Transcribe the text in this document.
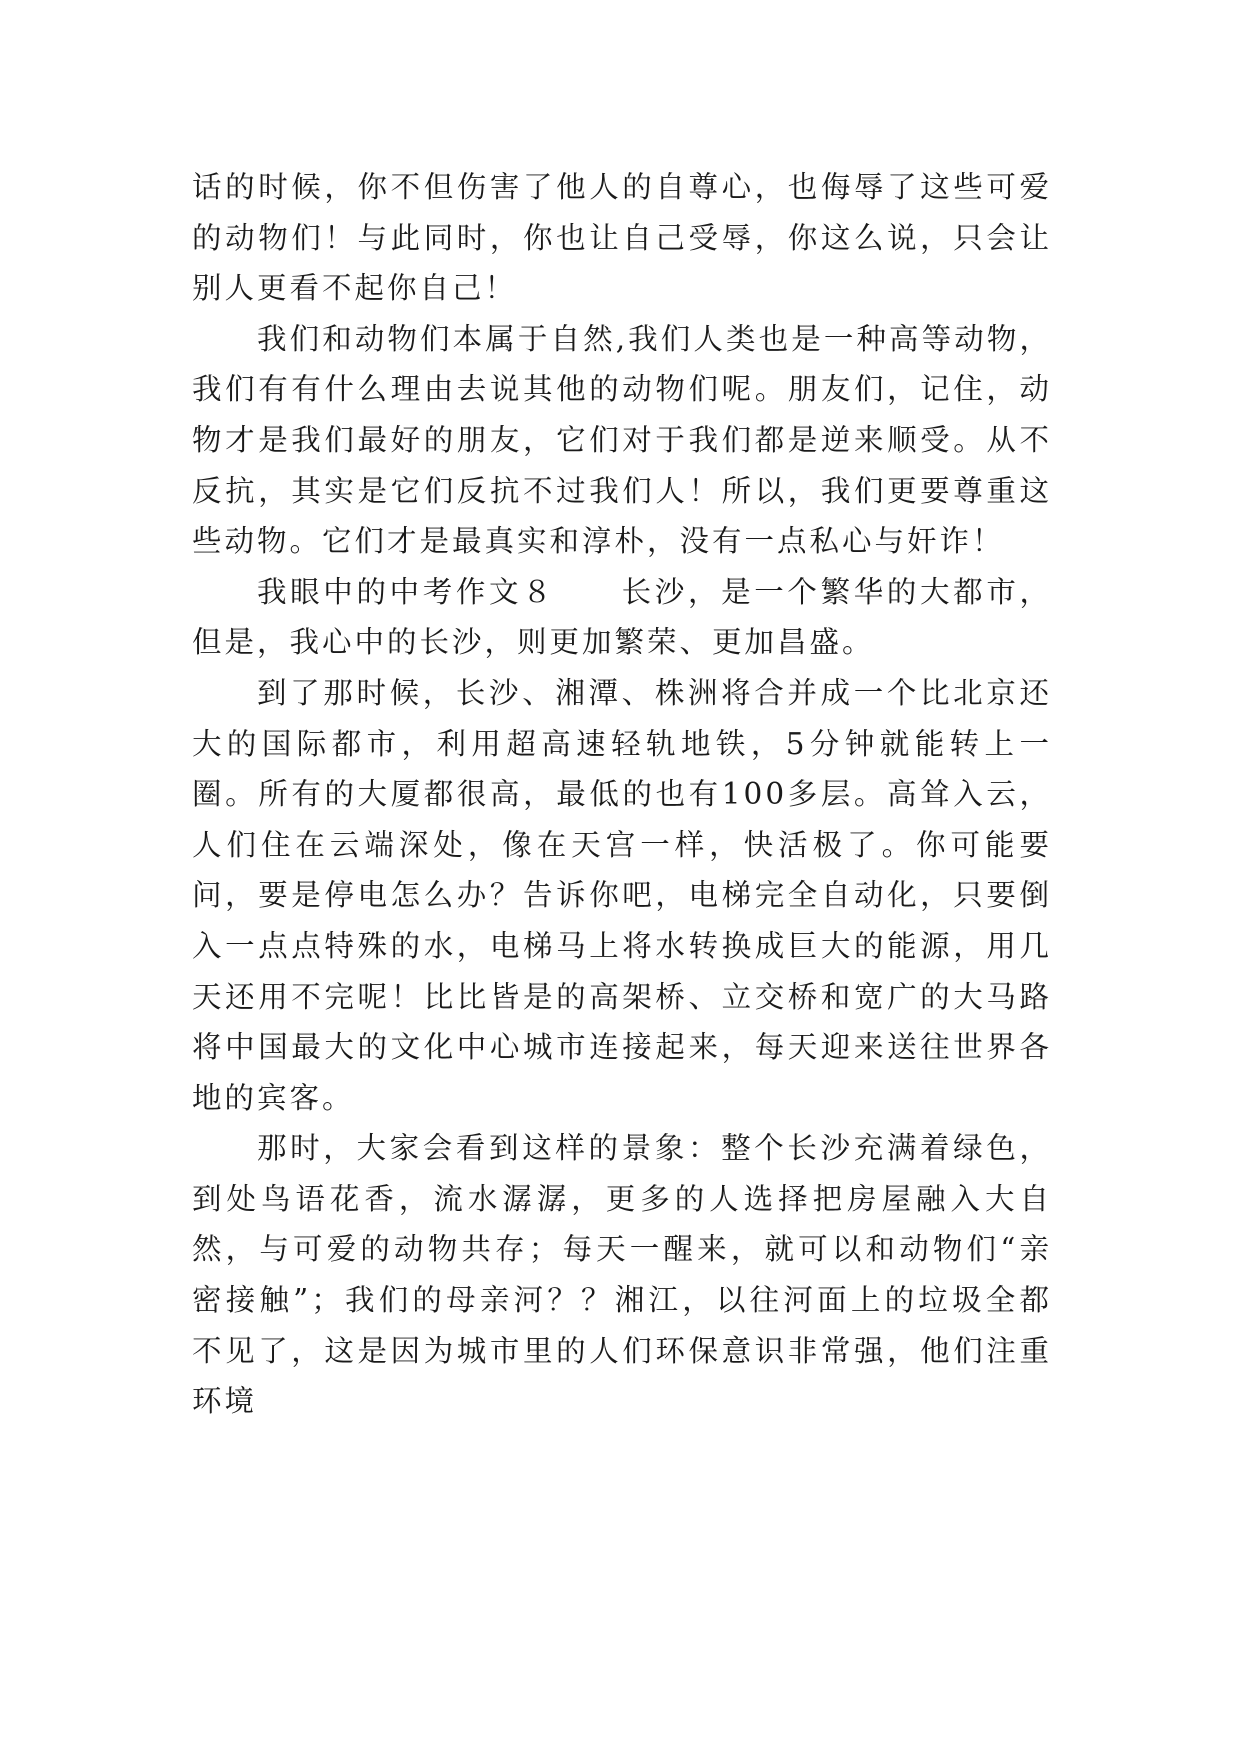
话的时候，你不但伤害了他人的自尊心，也侮辱了这些可爱的动物们！与此同时，你也让自己受辱，你这么说，只会让别人更看不起你自己！

我们和动物们本属于自然,我们人类也是一种高等动物，我们有有什么理由去说其他的动物们呢。朋友们，记住，动物才是我们最好的朋友，它们对于我们都是逆来顺受。从不反抗，其实是它们反抗不过我们人！所以，我们更要尊重这些动物。它们才是最真实和淳朴，没有一点私心与奸诈！

我眼中的中考作文８　　长沙，是一个繁华的大都市，但是，我心中的长沙，则更加繁荣、更加昌盛。

到了那时候，长沙、湘潭、株洲将合并成一个比北京还大的国际都市，利用超高速轻轨地铁，5分钟就能转上一圈。所有的大厦都很高，最低的也有100多层。高耸入云，人们住在云端深处，像在天宫一样，快活极了。你可能要问，要是停电怎么办？告诉你吧，电梯完全自动化，只要倒入一点点特殊的水，电梯马上将水转换成巨大的能源，用几天还用不完呢！比比皆是的高架桥、立交桥和宽广的大马路将中国最大的文化中心城市连接起来，每天迎来送往世界各地的宾客。

那时，大家会看到这样的景象：整个长沙充满着绿色，到处鸟语花香，流水潺潺，更多的人选择把房屋融入大自然，与可爱的动物共存；每天一醒来，就可以和动物们“亲密接触”；我们的母亲河？？湘江，以往河面上的垃圾全都不见了，这是因为城市里的人们环保意识非常强，他们注重环境
